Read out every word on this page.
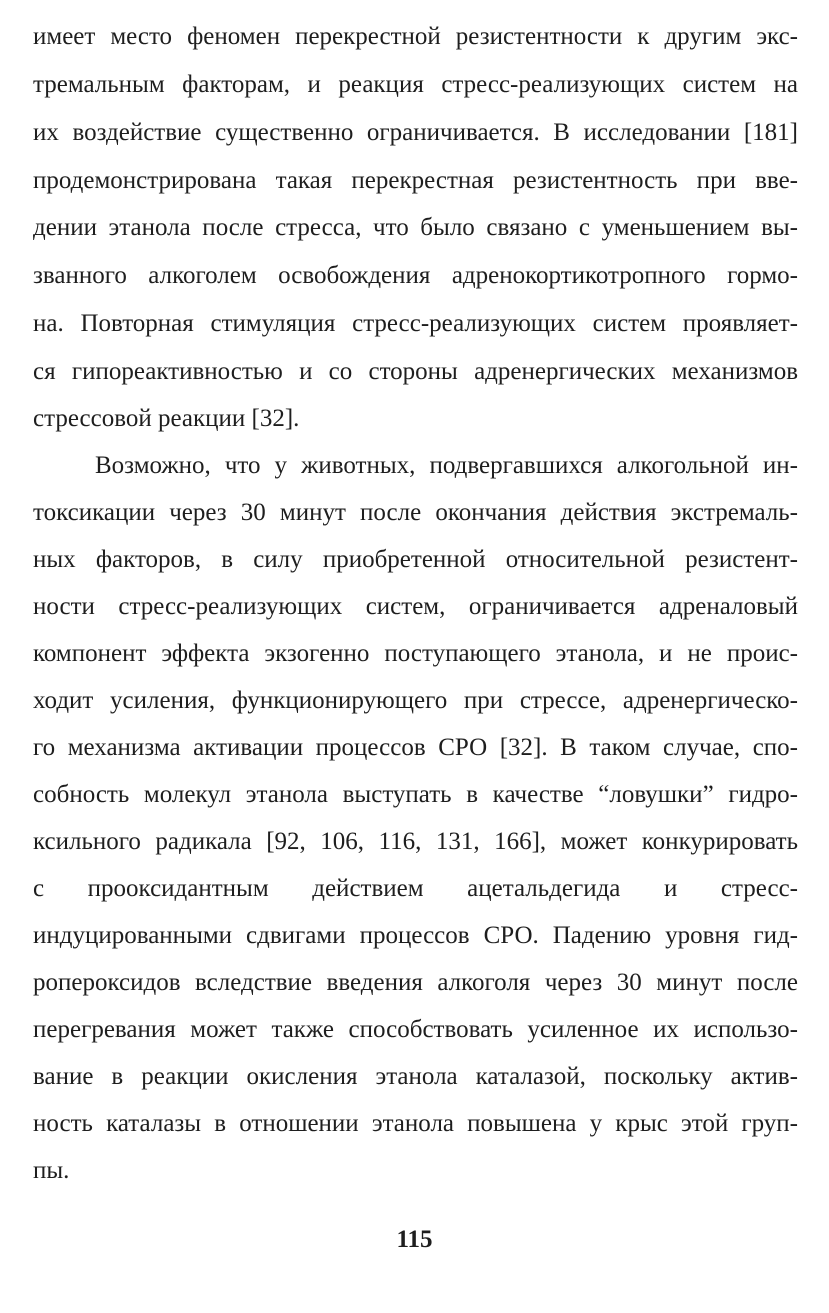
имеет место феномен перекрестной резистентности к другим экс-
тремальным факторам, и реакция стресс-реализующих систем на
их воздействие существенно ограничивается. В исследовании [181]
продемонстрирована такая перекрестная резистентность при вве-
дении этанола после стресса, что было связано с уменьшением вы-
званного алкоголем освобождения адренокортикотропного гормо-
на. Повторная стимуляция стресс-реализующих систем проявляет-
ся гипореактивностью и со стороны адренергических механизмов
стрессовой реакции [32].
Возможно, что у животных, подвергавшихся алкогольной ин-
токсикации через 30 минут после окончания действия экстремаль-
ных факторов, в силу приобретенной относительной резистент-
ности стресс-реализующих систем, ограничивается адреналовый
компонент эффекта экзогенно поступающего этанола, и не проис-
ходит усиления, функционирующего при стрессе, адренергическо-
го механизма активации процессов СРО [32]. В таком случае, спо-
собность молекул этанола выступать в качестве “ловушки” гидро-
ксильного радикала [92, 106, 116, 131, 166], может конкурировать
с прооксидантным действием ацетальдегида и стресс-
индуцированными сдвигами процессов СРО. Падению уровня гид-
ропероксидов вследствие введения алкоголя через 30 минут после
перегревания может также способствовать усиленное их использо-
вание в реакции окисления этанола каталазой, поскольку актив-
ность каталазы в отношении этанола повышена у крыс этой груп-
пы.
115
